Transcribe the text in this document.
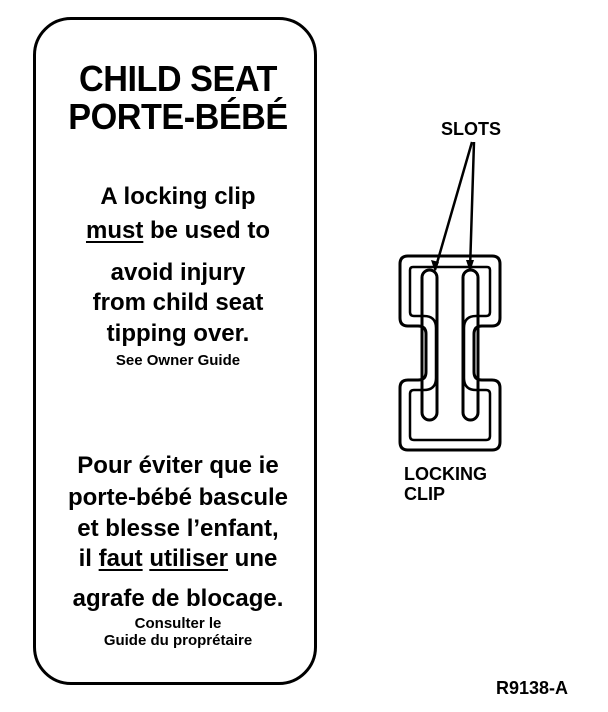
CHILD SEAT
PORTE-BÉBÉ
A locking clip
must be used to
avoid injury
from child seat
tipping over.
See Owner Guide
Pour éviter que ie
porte-bébé bascule
et blesse l’enfant,
il faut utiliser une
agrafe de blocage.
Consulter le
Guide du proprétaire
SLOTS
LOCKING
CLIP
R9138-A
